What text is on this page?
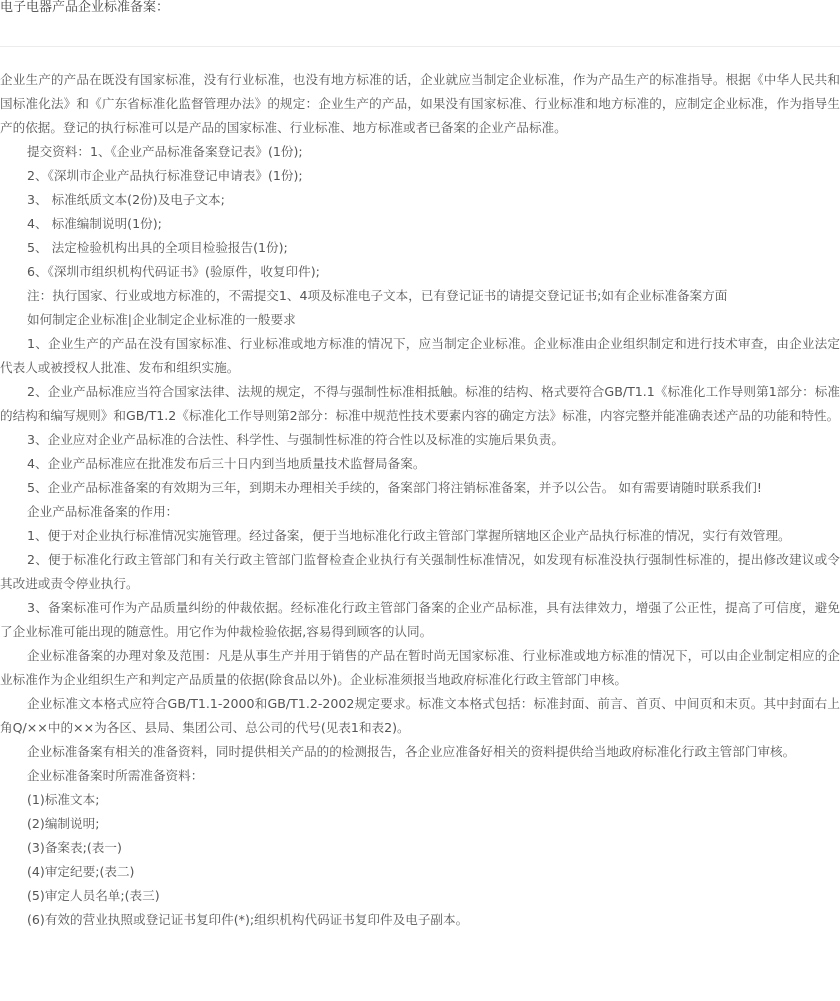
电子电器产品企业标准备案：

企业生产的产品在既没有国家标准，没有行业标准，也没有地方标准的话，企业就应当制定企业标准，作为产品生产的标准指导。根据《中华人民共和国标准化法》和《广东省标准化监督管理办法》的规定：企业生产的产品，如果没有国家标准、行业标准和地方标准的，应制定企业标准，作为指导生产的依据。登记的执行标准可以是产品的国家标准、行业标准、地方标准或者已备案的企业产品标准。

提交资料：1、《企业产品标准备案登记表》(1份);

2、《深圳市企业产品执行标准登记申请表》(1份);

3、 标准纸质文本(2份)及电子文本;

4、 标准编制说明(1份);

5、 法定检验机构出具的全项目检验报告(1份);

6、《深圳市组织机构代码证书》(验原件，收复印件);

注：执行国家、行业或地方标准的，不需提交1、4项及标准电子文本，已有登记证书的请提交登记证书;如有企业标准备案方面

如何制定企业标准|企业制定企业标准的一般要求

1、企业生产的产品在没有国家标准、行业标准或地方标准的情况下，应当制定企业标准。企业标准由企业组织制定和进行技术审查，由企业法定代表人或被授权人批准、发布和组织实施。

2、企业产品标准应当符合国家法律、法规的规定，不得与强制性标准相抵触。标准的结构、格式要符合GB/T1.1《标准化工作导则第1部分：标准的结构和编写规则》和GB/T1.2《标准化工作导则第2部分：标准中规范性技术要素内容的确定方法》标准，内容完整并能准确表述产品的功能和特性。

3、企业应对企业产品标准的合法性、科学性、与强制性标准的符合性以及标准的实施后果负责。

4、企业产品标准应在批准发布后三十日内到当地质量技术监督局备案。

5、企业产品标准备案的有效期为三年，到期未办理相关手续的，备案部门将注销标准备案，并予以公告。 如有需要请随时联系我们!

企业产品标准备案的作用：

1、便于对企业执行标准情况实施管理。经过备案，便于当地标准化行政主管部门掌握所辖地区企业产品执行标准的情况，实行有效管理。

2、便于标准化行政主管部门和有关行政主管部门监督检查企业执行有关强制性标准情况，如发现有标准没执行强制性标准的，提出修改建议或令其改进或责令停业执行。

3、备案标准可作为产品质量纠纷的仲裁依据。经标准化行政主管部门备案的企业产品标准，具有法律效力，增强了公正性，提高了可信度，避免了企业标准可能出现的随意性。用它作为仲裁检验依据,容易得到顾客的认同。

企业标准备案的办理对象及范围：凡是从事生产并用于销售的产品在暂时尚无国家标准、行业标准或地方标准的情况下，可以由企业制定相应的企业标准作为企业组织生产和判定产品质量的依据(除食品以外)。企业标准须报当地政府标准化行政主管部门申核。

企业标准文本格式应符合GB/T1.1-2000和GB/T1.2-2002规定要求。标准文本格式包括：标准封面、前言、首页、中间页和末页。其中封面右上角Q/××中的××为各区、县局、集团公司、总公司的代号(见表1和表2)。

企业标准备案有相关的准备资料，同时提供相关产品的的检测报告，各企业应准备好相关的资料提供给当地政府标准化行政主管部门审核。

企业标准备案时所需准备资料：

(1)标准文本;

(2)编制说明;

(3)备案表;(表一)

(4)审定纪要;(表二)

(5)审定人员名单;(表三)

(6)有效的营业执照或登记证书复印件(*);组织机构代码证书复印件及电子副本。
